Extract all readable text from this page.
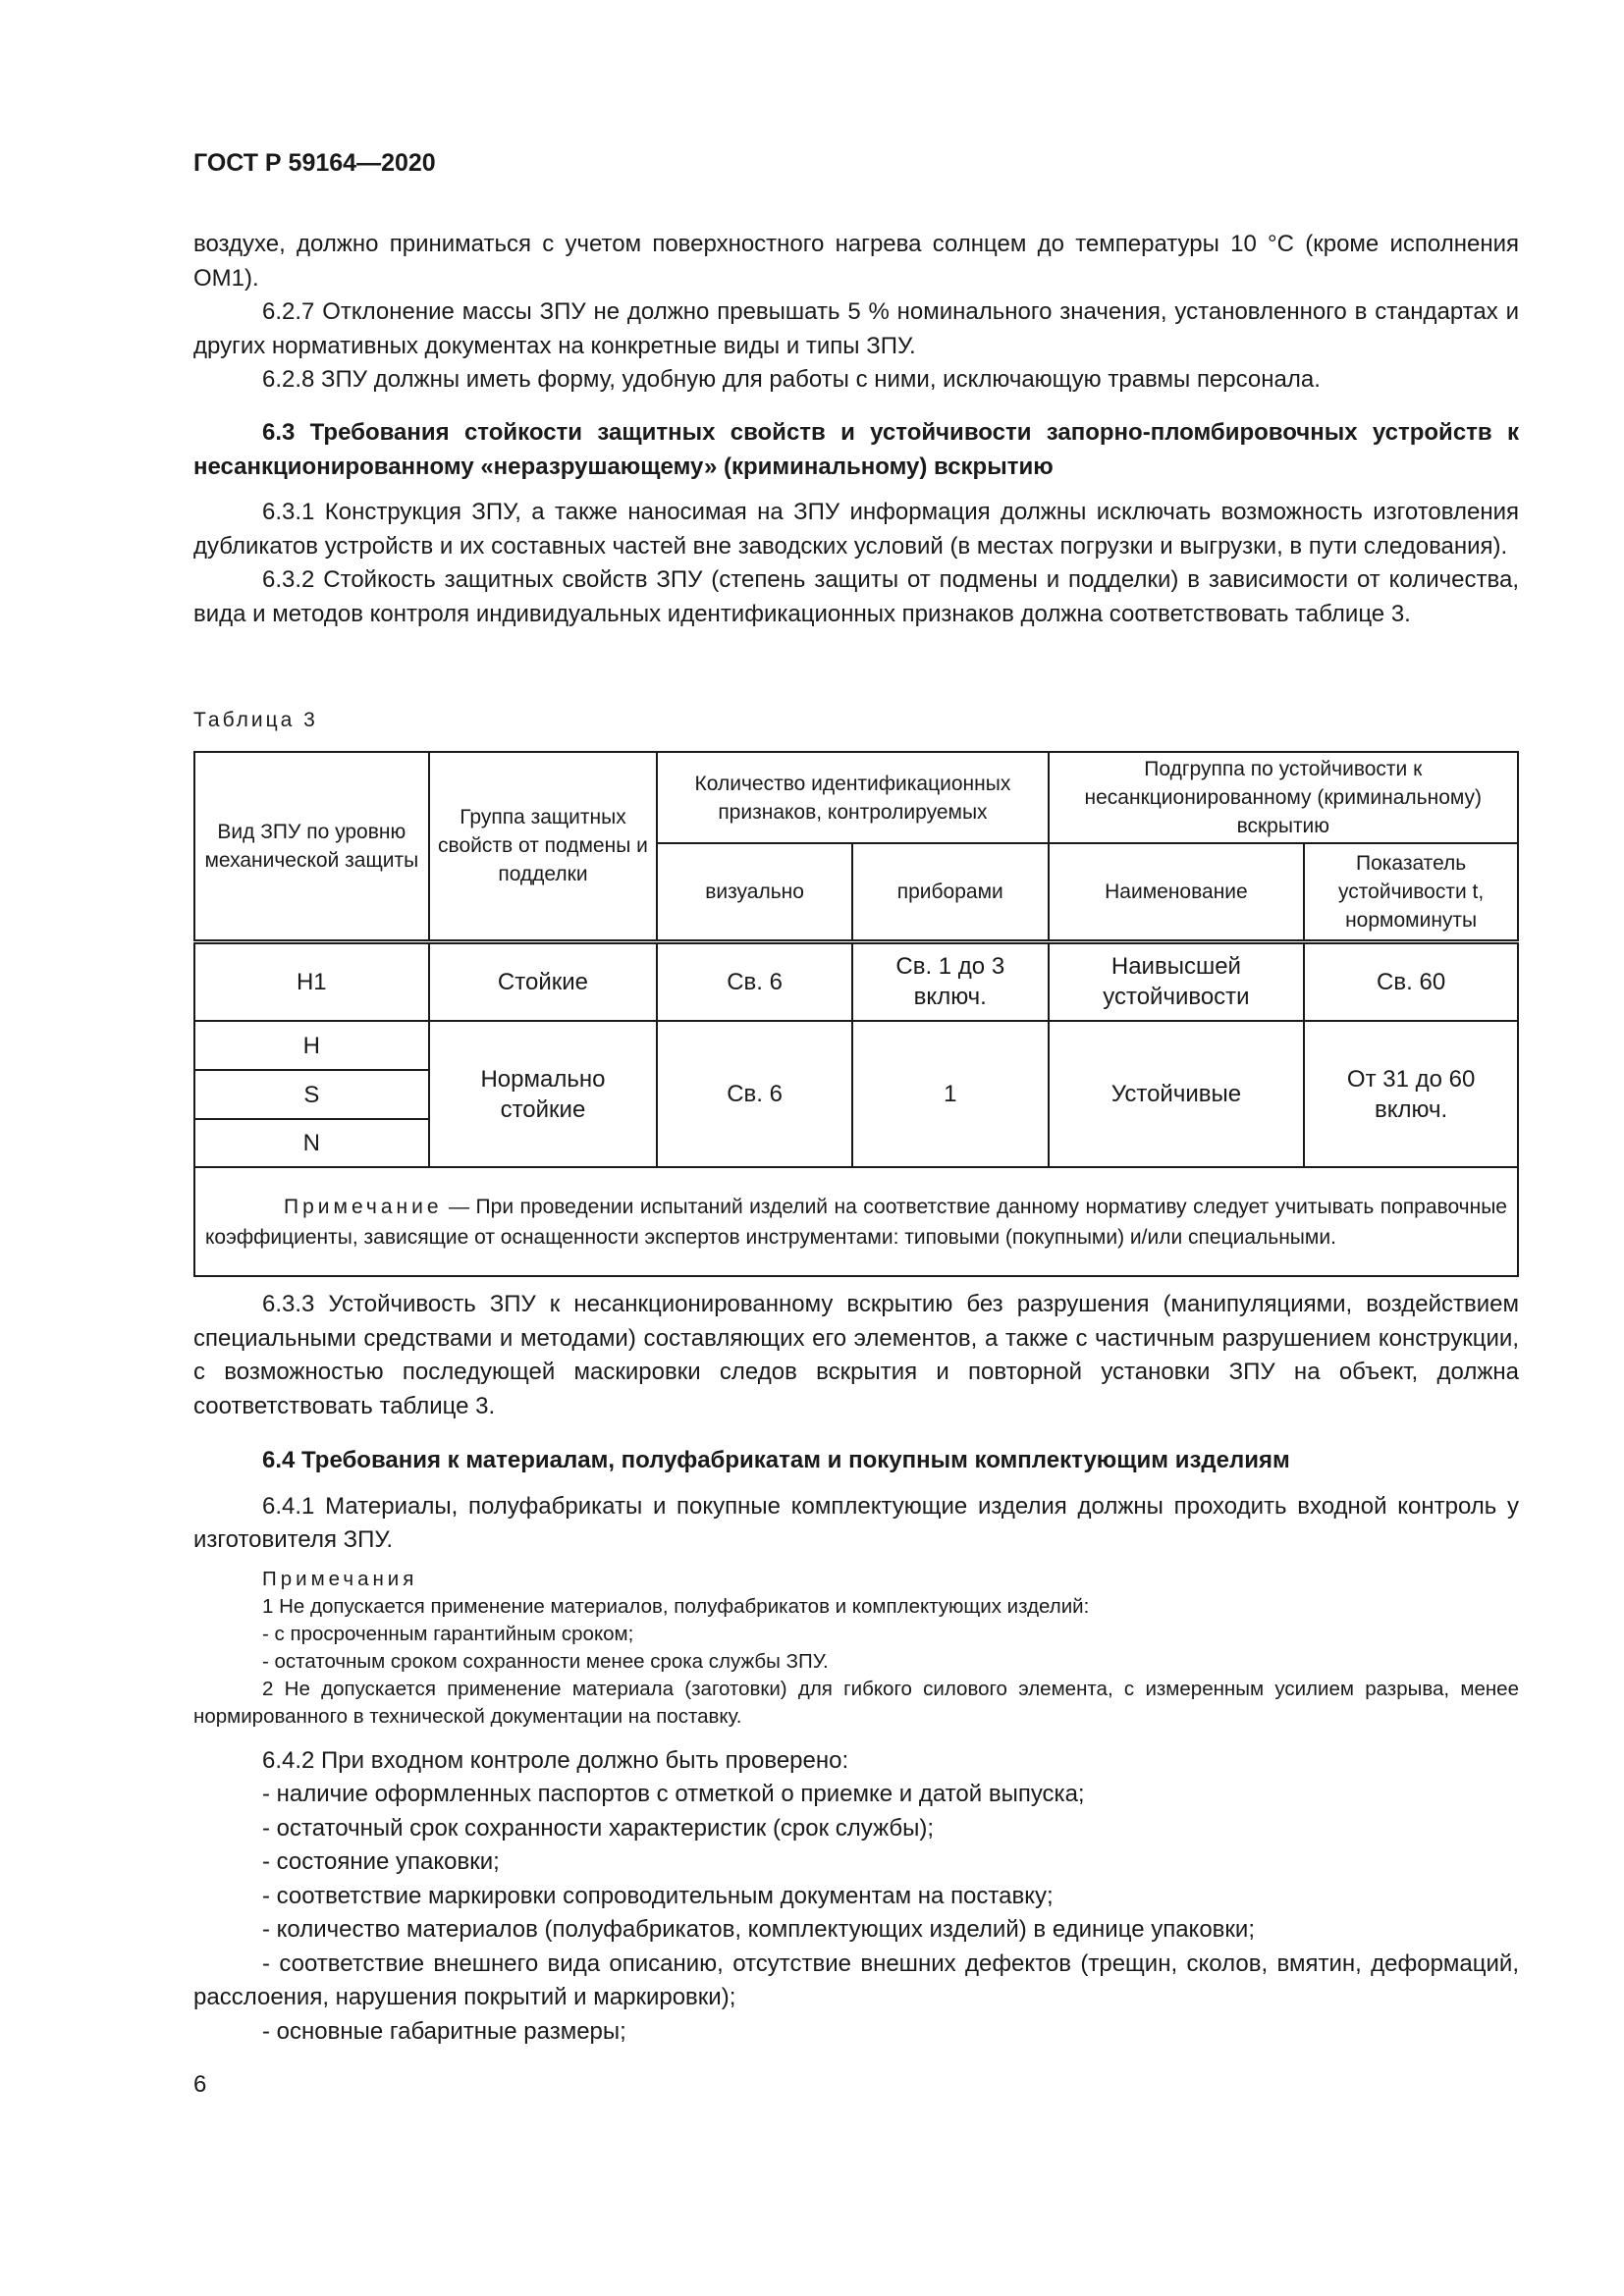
ГОСТ Р 59164—2020

воздухе, должно приниматься с учетом поверхностного нагрева солнцем до температуры 10 °С (кроме исполнения ОМ1).

6.2.7 Отклонение массы ЗПУ не должно превышать 5 % номинального значения, установленного в стандартах и других нормативных документах на конкретные виды и типы ЗПУ.

6.2.8 ЗПУ должны иметь форму, удобную для работы с ними, исключающую травмы персонала.

6.3 Требования стойкости защитных свойств и устойчивости запорно-пломбировочных устройств к несанкционированному «неразрушающему» (криминальному) вскрытию

6.3.1 Конструкция ЗПУ, а также наносимая на ЗПУ информация должны исключать возможность изготовления дубликатов устройств и их составных частей вне заводских условий (в местах погрузки и выгрузки, в пути следования).

6.3.2 Стойкость защитных свойств ЗПУ (степень защиты от подмены и подделки) в зависимости от количества, вида и методов контроля индивидуальных идентификационных признаков должна соответствовать таблице 3.

Таблица 3
Вид ЗПУ по уровню механической защиты	Группа защитных свойств от подмены и подделки	Количество идентификационных признаков, контролируемых		Подгруппа по устойчивости к несанкционированному (криминальному) вскрытию	
		визуально	приборами	Наименование	Показатель устойчивости t, нормоминуты
Н1	Стойкие	Св. 6	Св. 1 до 3 включ.	Наивысшей устойчивости	Св. 60
Н	Нормально стойкие	Св. 6	1	Устойчивые	От 31 до 60 включ.
S					
N					
Примечание — При проведении испытаний изделий на соответствие данному нормативу следует учитывать поправочные коэффициенты, зависящие от оснащенности экспертов инструментами: типовыми (покупными) и/или специальными.					

6.3.3 Устойчивость ЗПУ к несанкционированному вскрытию без разрушения (манипуляциями, воздействием специальными средствами и методами) составляющих его элементов, а также с частичным разрушением конструкции, с возможностью последующей маскировки следов вскрытия и повторной установки ЗПУ на объект, должна соответствовать таблице 3.

6.4 Требования к материалам, полуфабрикатам и покупным комплектующим изделиям

6.4.1 Материалы, полуфабрикаты и покупные комплектующие изделия должны проходить входной контроль у изготовителя ЗПУ.

Примечания

1 Не допускается применение материалов, полуфабрикатов и комплектующих изделий:

- с просроченным гарантийным сроком;

- остаточным сроком сохранности менее срока службы ЗПУ.

2 Не допускается применение материала (заготовки) для гибкого силового элемента, с измеренным усилием разрыва, менее нормированного в технической документации на поставку.

6.4.2 При входном контроле должно быть проверено:

- наличие оформленных паспортов с отметкой о приемке и датой выпуска;

- остаточный срок сохранности характеристик (срок службы);

- состояние упаковки;

- соответствие маркировки сопроводительным документам на поставку;

- количество материалов (полуфабрикатов, комплектующих изделий) в единице упаковки;

- соответствие внешнего вида описанию, отсутствие внешних дефектов (трещин, сколов, вмятин, деформаций, расслоения, нарушения покрытий и маркировки);

- основные габаритные размеры;

6
